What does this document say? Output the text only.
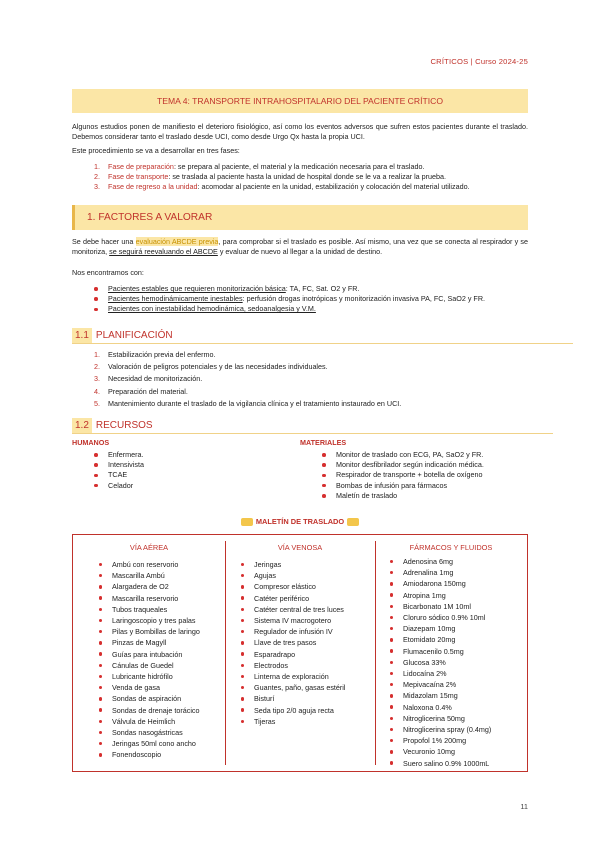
CRÍTICOS | Curso 2024-25
TEMA 4: TRANSPORTE INTRAHOSPITALARIO DEL PACIENTE CRÍTICO

Algunos estudios ponen de manifiesto el deterioro fisiológico, así como los eventos adversos que sufren estos pacientes durante el traslado. Debemos considerar tanto el traslado desde UCI, como desde Urgo Qx hasta la propia UCI.

Este procedimiento se va a desarrollar en tres fases:

1. Fase de preparación: se prepara al paciente, el material y la medicación necesaria para el traslado.
2. Fase de transporte: se traslada al paciente hasta la unidad de hospital donde se le va a realizar la prueba.
3. Fase de regreso a la unidad: acomodar al paciente en la unidad, estabilización y colocación del material utilizado.
1. FACTORES A VALORAR

Se debe hacer una evaluación ABCDE previa, para comprobar si el traslado es posible. Así mismo, una vez que se conecta al respirador y se monitoriza, se seguirá reevaluando el ABCDE y evaluar de nuevo al llegar a la unidad de destino.

Nos encontramos con:

Pacientes estables que requieren monitorización básica: TA, FC, Sat. O2 y FR.
Pacientes hemodinámicamente inestables: perfusión drogas inotrópicas y monitorización invasiva PA, FC, SaO2 y FR.
Pacientes con inestabilidad hemodinámica, sedoanalgesia y V.M.
1.1 PLANIFICACIÓN
1. Estabilización previa del enfermo.
2. Valoración de peligros potenciales y de las necesidades individuales.
3. Necesidad de monitorización.
4. Preparación del material.
5. Mantenimiento durante el traslado de la vigilancia clínica y el tratamiento instaurado en UCI.
1.2 RECURSOS
HUMANOS	MATERIALES
Enfermera.
Intensivista
TCAE
Celador
Monitor de traslado con ECG, PA, SaO2 y FR.
Monitor desfibrilador según indicación médica.
Respirador de transporte + botella de oxígeno
Bombas de infusión para fármacos
Maletín de traslado
MALETÍN DE TRASLADO
VÍA AÉREA
Ambú con reservorio
Mascarilla Ambú
Alargadera de O2
Mascarilla reservorio
Tubos traqueales
Laringoscopio y tres palas
Pilas y Bombillas de laringo
Pinzas de Magyll
Guías para intubación
Cánulas de Guedel
Lubricante hidrófilo
Venda de gasa
Sondas de aspiración
Sondas de drenaje torácico
Válvula de Heimlich
Sondas nasogástricas
Jeringas 50ml cono ancho
Fonendoscopio
VÍA VENOSA
Jeringas
Agujas
Compresor elástico
Catéter periférico
Catéter central de tres luces
Sistema IV macrogotero
Regulador de infusión IV
Llave de tres pasos
Esparadrapo
Electrodos
Linterna de exploración
Guantes, paño, gasas estéril
Bisturí
Seda tipo 2/0 aguja recta
Tijeras
FÁRMACOS Y FLUIDOS
Adenosina 6mg
Adrenalina 1mg
Amiodarona 150mg
Atropina 1mg
Bicarbonato 1M 10ml
Cloruro sódico 0.9% 10ml
Diazepam 10mg
Etomidato 20mg
Flumacenilo 0.5mg
Glucosa 33%
Lidocaína 2%
Mepivacaína 2%
Midazolam 15mg
Naloxona 0.4%
Nitroglicerina 50mg
Nitroglicerina spray (0.4mg)
Propofol 1% 200mg
Vecuronio 10mg
Suero salino 0.9% 1000mL
11
